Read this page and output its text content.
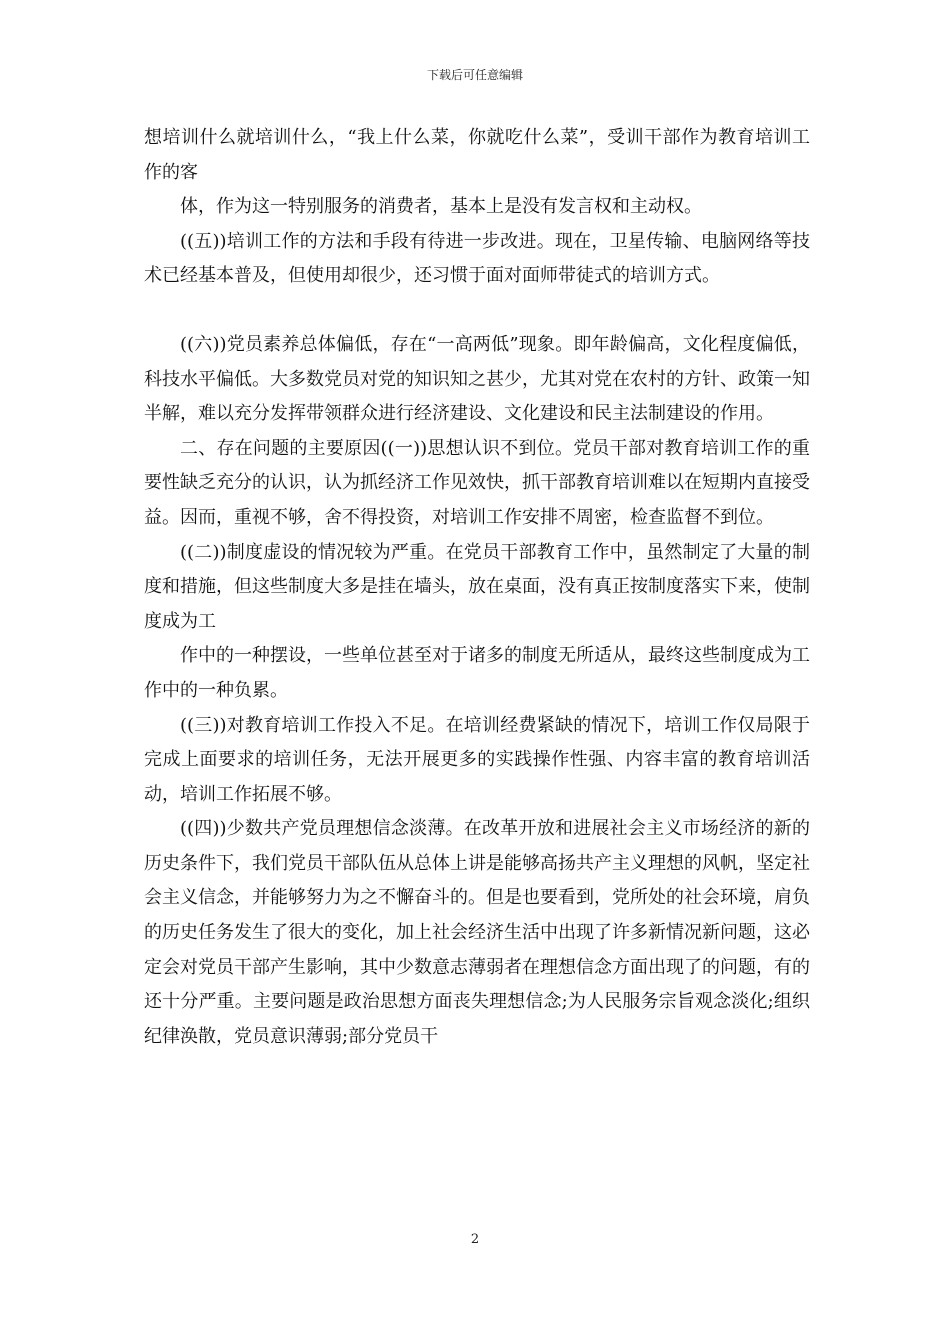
下载后可任意编辑

想培训什么就培训什么，“我上什么菜，你就吃什么菜”，受训干部作为教育培训工作的客

体，作为这一特别服务的消费者，基本上是没有发言权和主动权。

((五))培训工作的方法和手段有待进一步改进。现在，卫星传输、电脑网络等技术已经基本普及，但使用却很少，还习惯于面对面师带徒式的培训方式。

((六))党员素养总体偏低，存在“一高两低”现象。即年龄偏高，文化程度偏低，科技水平偏低。大多数党员对党的知识知之甚少，尤其对党在农村的方针、政策一知半解，难以充分发挥带领群众进行经济建设、文化建设和民主法制建设的作用。

二、存在问题的主要原因((一))思想认识不到位。党员干部对教育培训工作的重要性缺乏充分的认识，认为抓经济工作见效快，抓干部教育培训难以在短期内直接受益。因而，重视不够，舍不得投资，对培训工作安排不周密，检查监督不到位。

((二))制度虚设的情况较为严重。在党员干部教育工作中，虽然制定了大量的制度和措施，但这些制度大多是挂在墙头，放在桌面，没有真正按制度落实下来，使制度成为工

作中的一种摆设，一些单位甚至对于诸多的制度无所适从，最终这些制度成为工作中的一种负累。

((三))对教育培训工作投入不足。在培训经费紧缺的情况下，培训工作仅局限于完成上面要求的培训任务，无法开展更多的实践操作性强、内容丰富的教育培训活动，培训工作拓展不够。

((四))少数共产党员理想信念淡薄。在改革开放和进展社会主义市场经济的新的历史条件下，我们党员干部队伍从总体上讲是能够高扬共产主义理想的风帆，坚定社会主义信念，并能够努力为之不懈奋斗的。但是也要看到，党所处的社会环境，肩负的历史任务发生了很大的变化，加上社会经济生活中出现了许多新情况新问题，这必定会对党员干部产生影响，其中少数意志薄弱者在理想信念方面出现了的问题，有的还十分严重。主要问题是政治思想方面丧失理想信念;为人民服务宗旨观念淡化;组织纪律涣散，党员意识薄弱;部分党员干

2
